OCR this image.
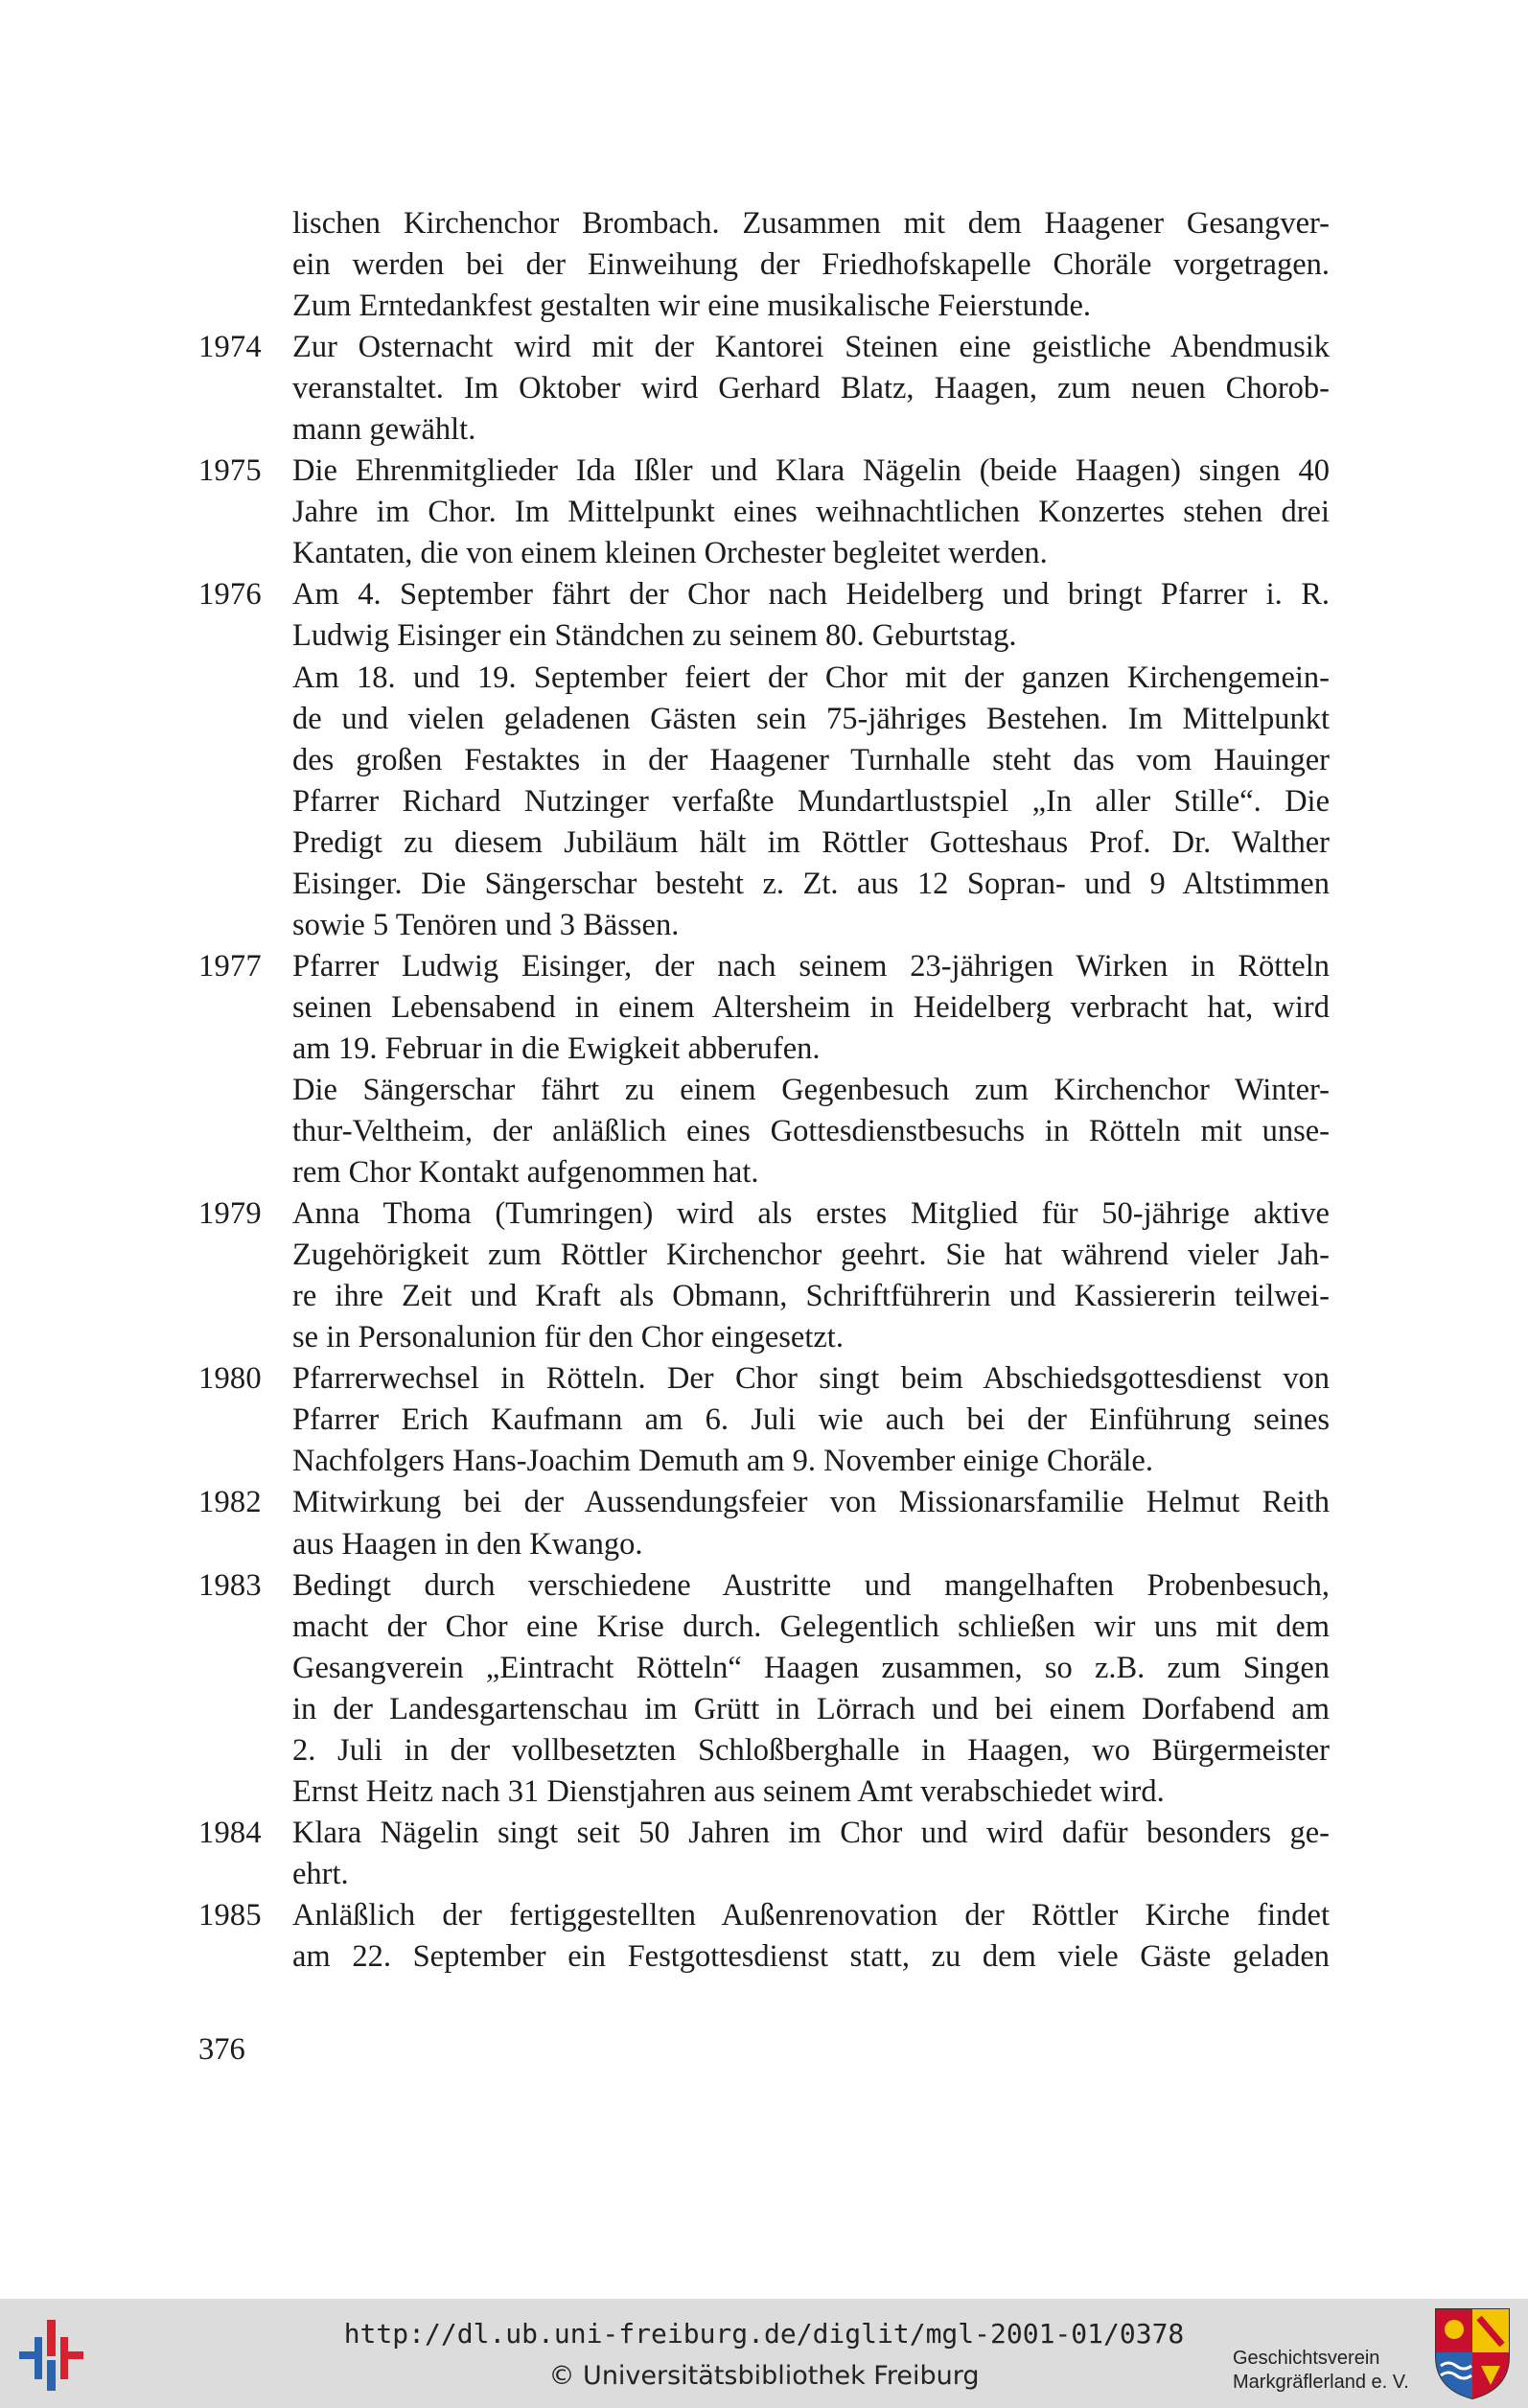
lischen Kirchenchor Brombach. Zusammen mit dem Haagener Gesangver-
ein werden bei der Einweihung der Friedhofskapelle Choräle vorgetragen.
Zum Erntedankfest gestalten wir eine musikalische Feierstunde.
1974 Zur Osternacht wird mit der Kantorei Steinen eine geistliche Abendmusik
veranstaltet. Im Oktober wird Gerhard Blatz, Haagen, zum neuen Chorob-
mann gewählt.
1975 Die Ehrenmitglieder Ida Ißler und Klara Nägelin (beide Haagen) singen 40
Jahre im Chor. Im Mittelpunkt eines weihnachtlichen Konzertes stehen drei
Kantaten, die von einem kleinen Orchester begleitet werden.
1976 Am 4. September fährt der Chor nach Heidelberg und bringt Pfarrer i. R.
Ludwig Eisinger ein Ständchen zu seinem 80. Geburtstag.
Am 18. und 19. September feiert der Chor mit der ganzen Kirchengemein-
de und vielen geladenen Gästen sein 75-jähriges Bestehen. Im Mittelpunkt
des großen Festaktes in der Haagener Turnhalle steht das vom Hauinger
Pfarrer Richard Nutzinger verfaßte Mundartlustspiel „In aller Stille“. Die
Predigt zu diesem Jubiläum hält im Röttler Gotteshaus Prof. Dr. Walther
Eisinger. Die Sängerschar besteht z. Zt. aus 12 Sopran- und 9 Altstimmen
sowie 5 Tenören und 3 Bässen.
1977 Pfarrer Ludwig Eisinger, der nach seinem 23-jährigen Wirken in Rötteln
seinen Lebensabend in einem Altersheim in Heidelberg verbracht hat, wird
am 19. Februar in die Ewigkeit abberufen.
Die Sängerschar fährt zu einem Gegenbesuch zum Kirchenchor Winter-
thur-Veltheim, der anläßlich eines Gottesdienstbesuchs in Rötteln mit unse-
rem Chor Kontakt aufgenommen hat.
1979 Anna Thoma (Tumringen) wird als erstes Mitglied für 50-jährige aktive
Zugehörigkeit zum Röttler Kirchenchor geehrt. Sie hat während vieler Jah-
re ihre Zeit und Kraft als Obmann, Schriftführerin und Kassiererin teilwei-
se in Personalunion für den Chor eingesetzt.
1980 Pfarrerwechsel in Rötteln. Der Chor singt beim Abschiedsgottesdienst von
Pfarrer Erich Kaufmann am 6. Juli wie auch bei der Einführung seines
Nachfolgers Hans-Joachim Demuth am 9. November einige Choräle.
1982 Mitwirkung bei der Aussendungsfeier von Missionarsfamilie Helmut Reith
aus Haagen in den Kwango.
1983 Bedingt durch verschiedene Austritte und mangelhaften Probenbesuch,
macht der Chor eine Krise durch. Gelegentlich schließen wir uns mit dem
Gesangverein „Eintracht Rötteln“ Haagen zusammen, so z.B. zum Singen
in der Landesgartenschau im Grütt in Lörrach und bei einem Dorfabend am
2. Juli in der vollbesetzten Schloßberghalle in Haagen, wo Bürgermeister
Ernst Heitz nach 31 Dienstjahren aus seinem Amt verabschiedet wird.
1984 Klara Nägelin singt seit 50 Jahren im Chor und wird dafür besonders ge-
ehrt.
1985 Anläßlich der fertiggestellten Außenrenovation der Röttler Kirche findet
am 22. September ein Festgottesdienst statt, zu dem viele Gäste geladen
376
http://dl.ub.uni-freiburg.de/diglit/mgl-2001-01/0378
© Universitätsbibliothek Freiburg
Geschichtsverein
Markgräflerland e. V.
